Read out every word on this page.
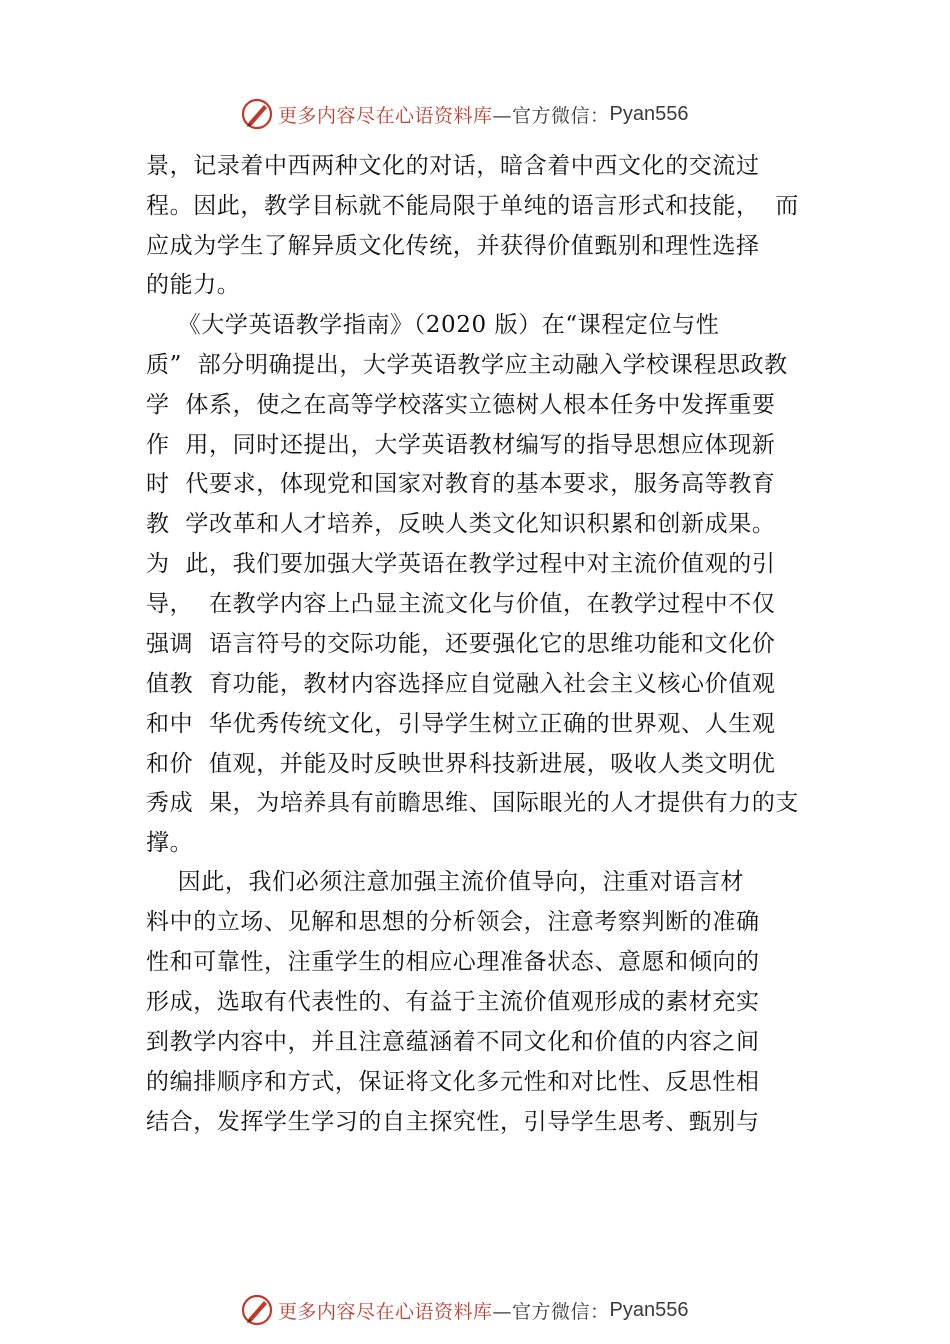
更多内容尽在心语资料库 —官方微信： Pyan556
景，记录着中西两种文化的对话，暗含着中西文化的交流过
程。因此，教学目标就不能局限于单纯的语言形式和技能，  而
应成为学生了解异质文化传统，并获得价值甄别和理性选择
的能力。
《大学英语教学指南》（2020 版）在“课程定位与性
质”  部分明确提出，大学英语教学应主动融入学校课程思政教
学  体系，使之在高等学校落实立德树人根本任务中发挥重要
作  用，同时还提出，大学英语教材编写的指导思想应体现新
时  代要求，体现党和国家对教育的基本要求，服务高等教育
教  学改革和人才培养，反映人类文化知识积累和创新成果。
为  此，我们要加强大学英语在教学过程中对主流价值观的引
导，  在教学内容上凸显主流文化与价值，在教学过程中不仅
强调  语言符号的交际功能，还要强化它的思维功能和文化价
值教  育功能，教材内容选择应自觉融入社会主义核心价值观
和中  华优秀传统文化，引导学生树立正确的世界观、人生观
和价  值观，并能及时反映世界科技新进展，吸收人类文明优
秀成  果，为培养具有前瞻思维、国际眼光的人才提供有力的支
撑。
因此，我们必须注意加强主流价值导向，注重对语言材
料中的立场、见解和思想的分析领会，注意考察判断的准确
性和可靠性，注重学生的相应心理准备状态、意愿和倾向的
形成，选取有代表性的、有益于主流价值观形成的素材充实
到教学内容中，并且注意蕴涵着不同文化和价值的内容之间
的编排顺序和方式，保证将文化多元性和对比性、反思性相
结合，发挥学生学习的自主探究性，引导学生思考、甄别与
更多内容尽在心语资料库 —官方微信： Pyan556
